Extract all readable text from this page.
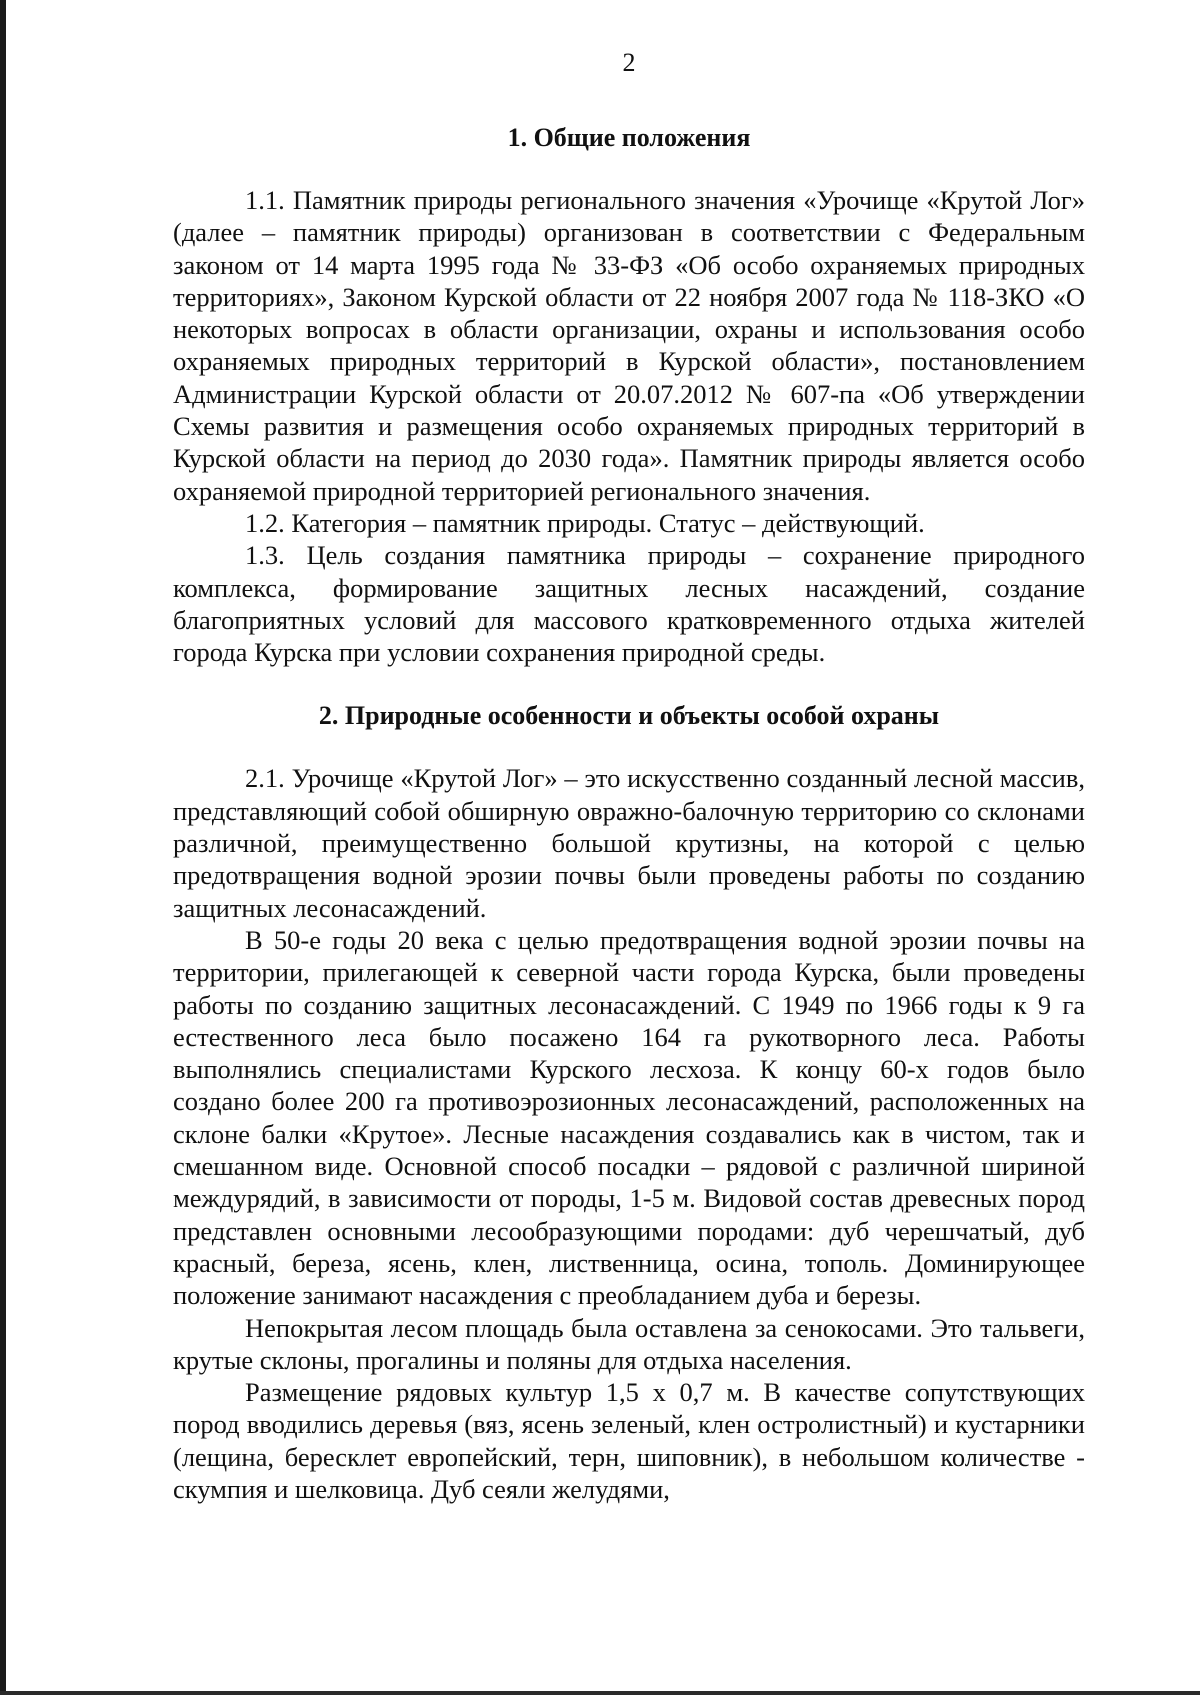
2
1. Общие положения

1.1. Памятник природы регионального значения «Урочище «Крутой Лог» (далее – памятник природы) организован в соответствии с Федеральным законом от 14 марта 1995 года № 33-ФЗ «Об особо охраняемых природных территориях», Законом Курской области от 22 ноября 2007 года № 118-ЗКО «О некоторых вопросах в области организации, охраны и использования особо охраняемых природных территорий в Курской области», постановлением Администрации Курской области от 20.07.2012 № 607-па «Об утверждении Схемы развития и размещения особо охраняемых природных территорий в Курской области на период до 2030 года». Памятник природы является особо охраняемой природной территорией регионального значения.

1.2. Категория – памятник природы. Статус – действующий.

1.3. Цель создания памятника природы – сохранение природного комплекса, формирование защитных лесных насаждений, создание благоприятных условий для массового кратковременного отдыха жителей города Курска при условии сохранения природной среды.

2. Природные особенности и объекты особой охраны

2.1. Урочище «Крутой Лог» – это искусственно созданный лесной массив, представляющий собой обширную овражно-балочную территорию со склонами различной, преимущественно большой крутизны, на которой с целью предотвращения водной эрозии почвы были проведены работы по созданию защитных лесонасаждений.

В 50-е годы 20 века с целью предотвращения водной эрозии почвы на территории, прилегающей к северной части города Курска, были проведены работы по созданию защитных лесонасаждений. С 1949 по 1966 годы к 9 га естественного леса было посажено 164 га рукотворного леса. Работы выполнялись специалистами Курского лесхоза. К концу 60-х годов было создано более 200 га противоэрозионных лесонасаждений, расположенных на склоне балки «Крутое». Лесные насаждения создавались как в чистом, так и смешанном виде. Основной способ посадки – рядовой с различной шириной междурядий, в зависимости от породы, 1-5 м. Видовой состав древесных пород представлен основными лесообразующими породами: дуб черешчатый, дуб красный, береза, ясень, клен, лиственница, осина, тополь. Доминирующее положение занимают насаждения с преобладанием дуба и березы.

Непокрытая лесом площадь была оставлена за сенокосами. Это тальвеги, крутые склоны, прогалины и поляны для отдыха населения.

Размещение рядовых культур 1,5 х 0,7 м. В качестве сопутствующих пород вводились деревья (вяз, ясень зеленый, клен остролистный) и кустарники (лещина, бересклет европейский, терн, шиповник), в небольшом количестве - скумпия и шелковица. Дуб сеяли желудями,
